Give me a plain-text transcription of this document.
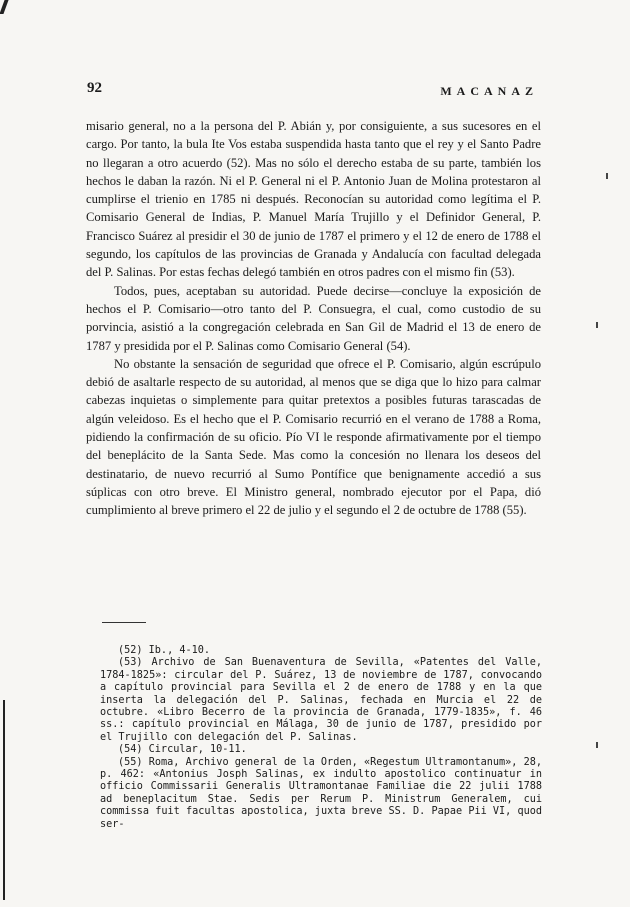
92	MACANAZ

misario general, no a la persona del P. Abián y, por consiguiente, a sus sucesores en el cargo. Por tanto, la bula Ite Vos estaba suspendida hasta tanto que el rey y el Santo Padre no llegaran a otro acuerdo (52). Mas no sólo el derecho estaba de su parte, también los hechos le daban la razón. Ni el P. General ni el P. Antonio Juan de Molina protestaron al cumplirse el trienio en 1785 ni después. Reconocían su autoridad como legítima el P. Comisario General de Indias, P. Manuel María Trujillo y el Definidor General, P. Francisco Suárez al presidir el 30 de junio de 1787 el primero y el 12 de enero de 1788 el segundo, los capítulos de las provincias de Granada y Andalucía con facultad delegada del P. Salinas. Por estas fechas delegó también en otros padres con el mismo fin (53).

Todos, pues, aceptaban su autoridad. Puede decirse—concluye la exposición de hechos el P. Comisario—otro tanto del P. Consuegra, el cual, como custodio de su porvincia, asistió a la congregación celebrada en San Gil de Madrid el 13 de enero de 1787 y presidida por el P. Salinas como Comisario General (54).

No obstante la sensación de seguridad que ofrece el P. Comisario, algún escrúpulo debió de asaltarle respecto de su autoridad, al menos que se diga que lo hizo para calmar cabezas inquietas o simplemente para quitar pretextos a posibles futuras tarascadas de algún veleidoso. Es el hecho que el P. Comisario recurrió en el verano de 1788 a Roma, pidiendo la confirmación de su oficio. Pío VI le responde afirmativamente por el tiempo del beneplácito de la Santa Sede. Mas como la concesión no llenara los deseos del destinatario, de nuevo recurrió al Sumo Pontífice que benignamente accedió a sus súplicas con otro breve. El Ministro general, nombrado ejecutor por el Papa, dió cumplimiento al breve primero el 22 de julio y el segundo el 2 de octubre de 1788 (55).

(52) Ib., 4-10.

(53) Archivo de San Buenaventura de Sevilla, «Patentes del Valle, 1784-1825»: circular del P. Suárez, 13 de noviembre de 1787, convocando a capítulo provincial para Sevilla el 2 de enero de 1788 y en la que inserta la delegación del P. Salinas, fechada en Murcia el 22 de octubre. «Libro Becerro de la provincia de Granada, 1779-1835», f. 46 ss.: capítulo provincial en Málaga, 30 de junio de 1787, presidido por el Trujillo con delegación del P. Salinas.

(54) Circular, 10-11.

(55) Roma, Archivo general de la Orden, «Regestum Ultramontanum», 28, p. 462: «Antonius Josph Salinas, ex indulto apostolico continuatur in officio Commissarii Generalis Ultramontanae Familiae die 22 julii 1788 ad beneplacitum Stae. Sedis per Rerum P. Ministrum Generalem, cui commissa fuit facultas apostolica, juxta breve SS. D. Papae Pii VI, quod ser-
